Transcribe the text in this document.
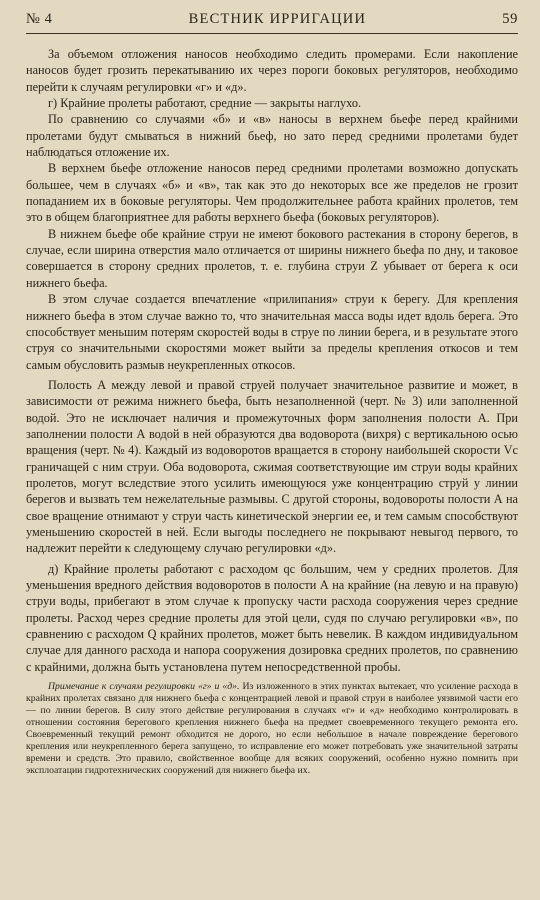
№ 4	ВЕСТНИК ИРРИГАЦИИ	59

За объемом отложения наносов необходимо следить промерами. Если накопление наносов будет грозить перекатыванию их через пороги боковых регуляторов, необходимо перейти к случаям регулировки «г» и «д».

г) Крайние пролеты работают, средние — закрыты наглухо.

По сравнению со случаями «б» и «в» наносы в верхнем бьефе перед крайними пролетами будут смываться в нижний бьеф, но зато перед средними пролетами будет наблюдаться отложение их.

В верхнем бьефе отложение наносов перед средними пролетами возможно допускать большее, чем в случаях «б» и «в», так как это до некоторых все же пределов не грозит попаданием их в боковые регуляторы. Чем продолжительнее работа крайних пролетов, тем это в общем благоприятнее для работы верхнего бьефа (боковых регуляторов).

В нижнем бьефе обе крайние струи не имеют бокового растекания в сторону берегов, в случае, если ширина отверстия мало отличается от ширины нижнего бьефа по дну, и таковое совершается в сторону средних пролетов, т. е. глубина струи Z убывает от берега к оси нижнего бьефа.

В этом случае создается впечатление «прилипания» струи к берегу. Для крепления нижнего бьефа в этом случае важно то, что значительная масса воды идет вдоль берега. Это способствует меньшим потерям скоростей воды в струе по линии берега, и в результате этого струя со значительными скоростями может выйти за пределы крепления откосов и тем самым обусловить размыв неукрепленных откосов.

Полость А между левой и правой струей получает значительное развитие и может, в зависимости от режима нижнего бьефа, быть незаполненной (черт. № 3) или заполненной водой. Это не исключает наличия и промежуточных форм заполнения полости А. При заполнении полости А водой в ней образуются два водоворота (вихря) с вертикальною осью вращения (черт. № 4). Каждый из водоворотов вращается в сторону наибольшей скорости Vс граничащей с ним струи. Оба водоворота, сжимая соответствующие им струи воды крайних пролетов, могут вследствие этого усилить имеющуюся уже концентрацию струй у линии берегов и вызвать тем нежелательные размывы. С другой стороны, водовороты полости А на свое вращение отнимают у струи часть кинетической энергии ее, и тем самым способствуют уменьшению скоростей в ней. Если выгоды последнего не покрывают невыгод первого, то надлежит перейти к следующему случаю регулировки «д».

д) Крайние пролеты работают с расходом qс большим, чем у средних пролетов. Для уменьшения вредного действия водоворотов в полости А на крайние (на левую и на правую) струи воды, прибегают в этом случае к пропуску части расхода сооружения через средние пролеты. Расход через средние пролеты для этой цели, судя по случаю регулировки «в», по сравнению с расходом Q крайних пролетов, может быть невелик. В каждом индивидуальном случае для данного расхода и напора сооружения дозировка средних пролетов, по сравнению с крайними, должна быть установлена путем непосредственной пробы.

Примечание к случаям регулировки «г» и «д». Из изложенного в этих пунктах вытекает, что усиление расхода в крайних пролетах связано для нижнего бьефа с концентрацией левой и правой струи в наиболее уязвимой части его — по линии берегов. В силу этого действие регулирования в случаях «г» и «д» необходимо контролировать в отношении состояния берегового крепления нижнего бьефа на предмет своевременного текущего ремонта его. Своевременный текущий ремонт обходится не дорого, но если небольшое в начале повреждение берегового крепления или неукрепленного берега запущено, то исправление его может потребовать уже значительной затраты времени и средств. Это правило, свойственное вообще для всяких сооружений, особенно нужно помнить при эксплоатации гидротехнических сооружений для нижнего бьефа их.
